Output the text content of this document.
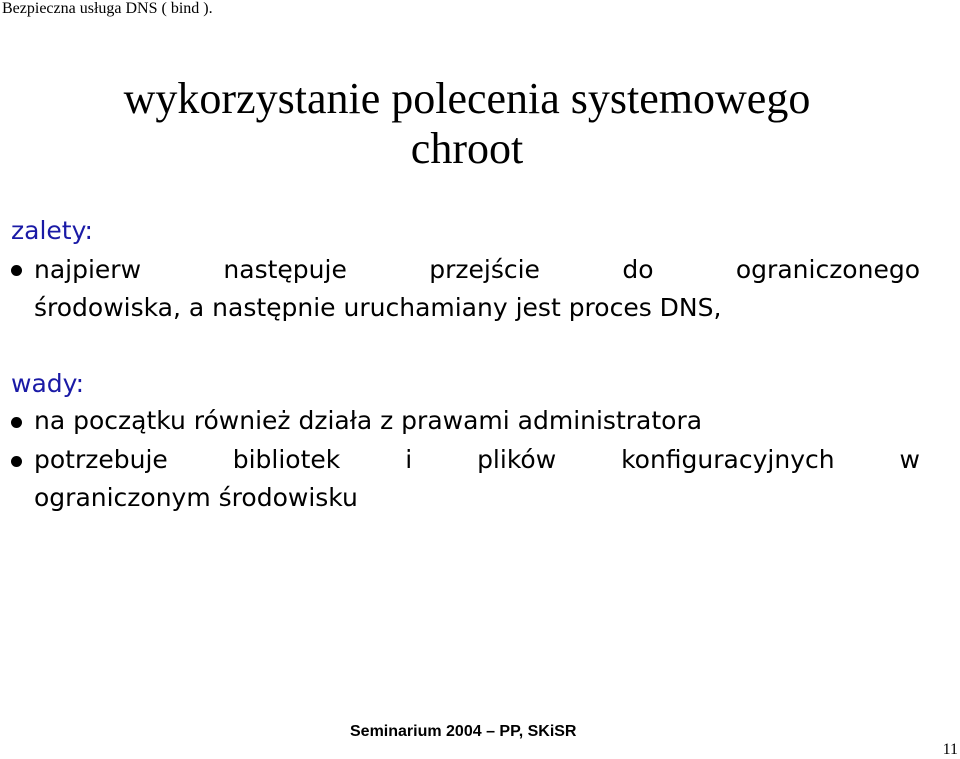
Bezpieczna usługa DNS ( bind ).
wykorzystanie polecenia systemowego
chroot
zalety:
najpierw	następuje	przejście	do	ograniczonego
środowiska, a następnie uruchamiany jest proces DNS,
wady:
na początku również działa z prawami administratora
potrzebuje	bibliotek	i	plików	konfiguracyjnych	w
ograniczonym środowisku
Seminarium 2004 – PP, SKiSR
11
